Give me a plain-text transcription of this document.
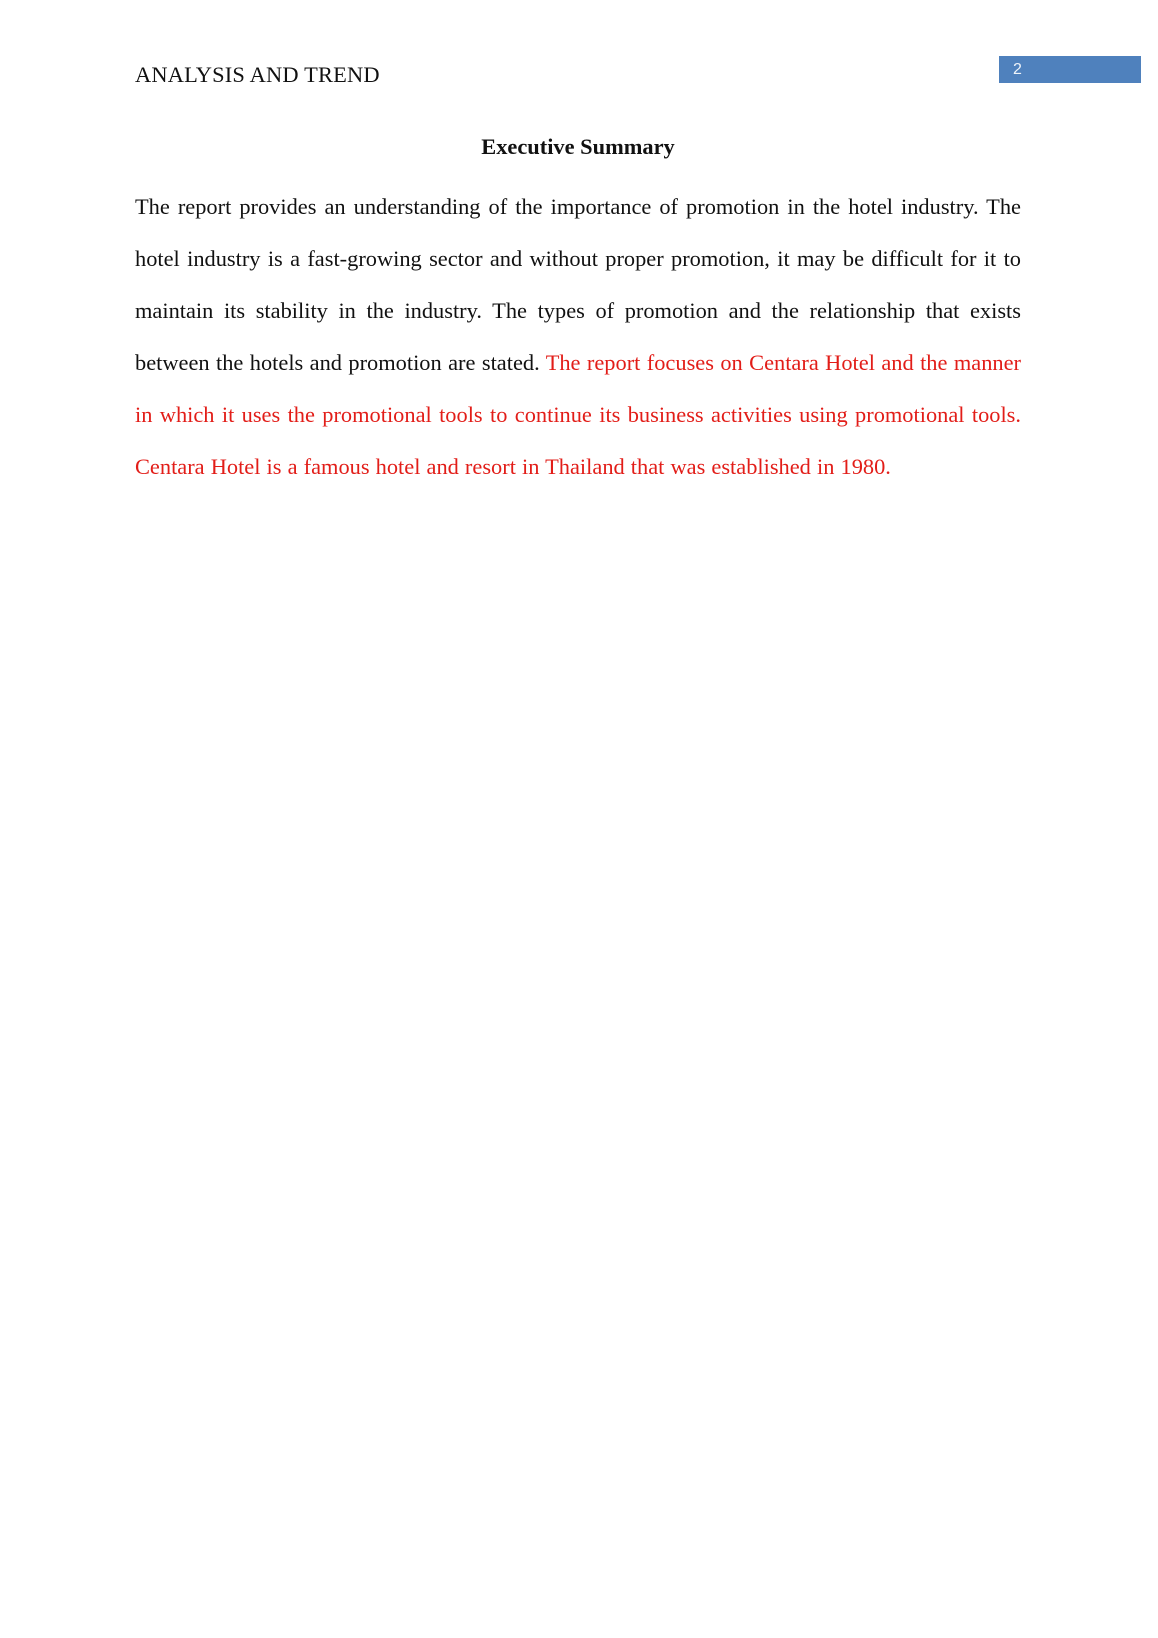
ANALYSIS AND TREND	2
Executive Summary

The report provides an understanding of the importance of promotion in the hotel industry. The hotel industry is a fast-growing sector and without proper promotion, it may be difficult for it to maintain its stability in the industry. The types of promotion and the relationship that exists between the hotels and promotion are stated. The report focuses on Centara Hotel and the manner in which it uses the promotional tools to continue its business activities using promotional tools. Centara Hotel is a famous hotel and resort in Thailand that was established in 1980.
